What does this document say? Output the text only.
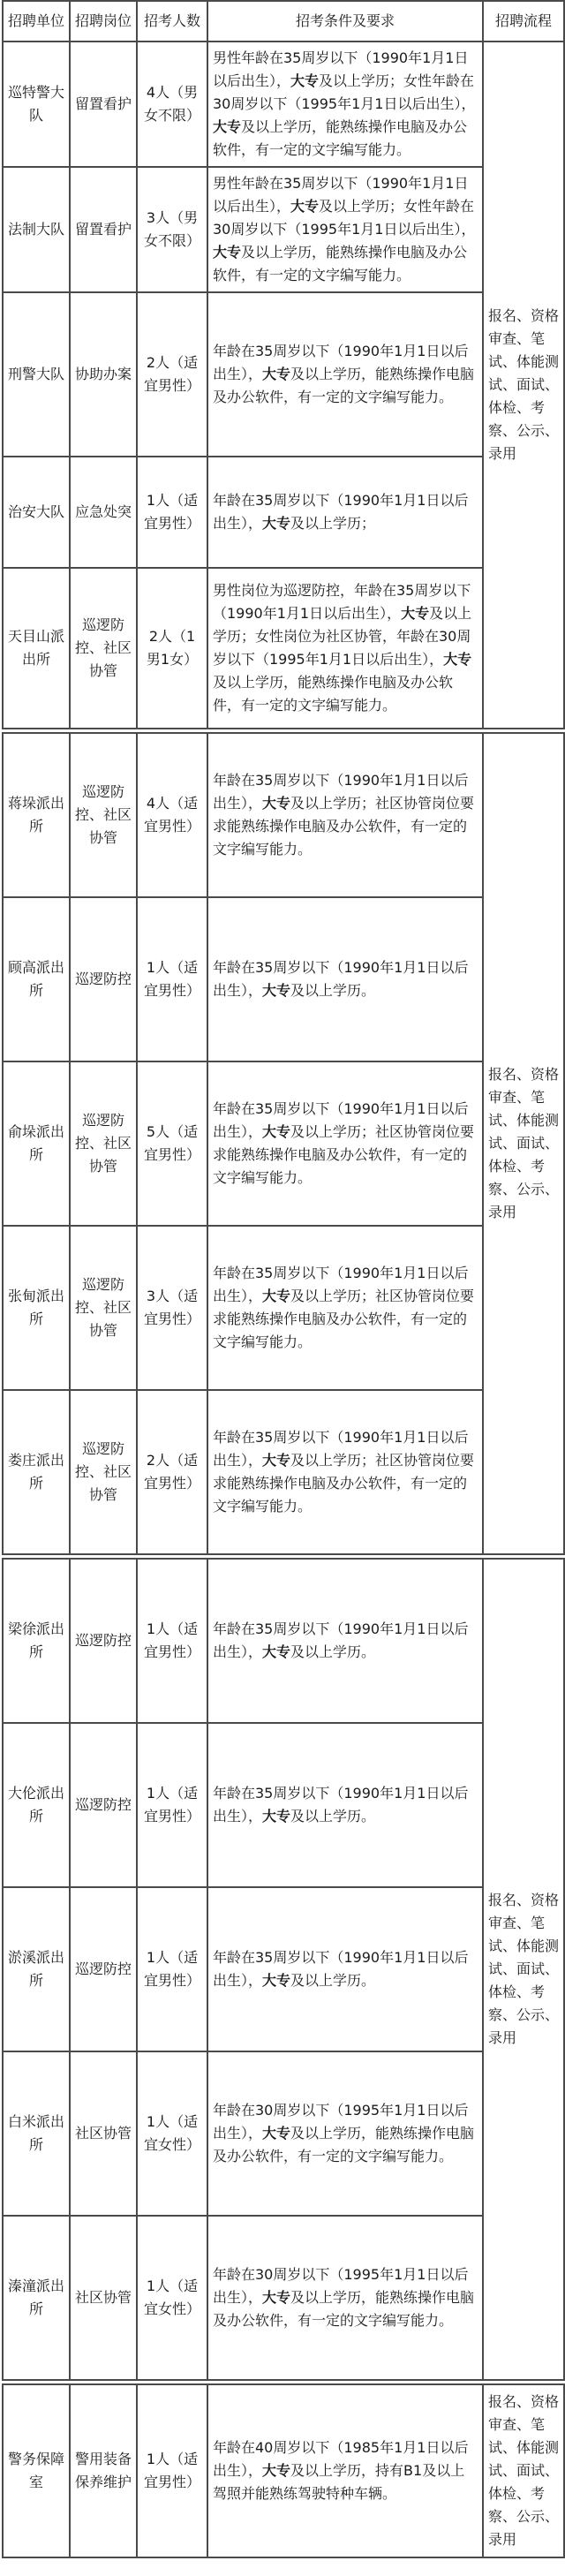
招聘单位	招聘岗位	招考人数	招考条件及要求	招聘流程
巡特警大队	留置看护	4人（男女不限）	男性年龄在35周岁以下（1990年1月1日以后出生），大专及以上学历；女性年龄在30周岁以下（1995年1月1日以后出生），大专及以上学历，能熟练操作电脑及办公软件，有一定的文字编写能力。	报名、资格审查、笔试、体能测试、面试、体检、考察、公示、录用
法制大队	留置看护	3人（男女不限）	男性年龄在35周岁以下（1990年1月1日以后出生），大专及以上学历；女性年龄在30周岁以下（1995年1月1日以后出生），大专及以上学历，能熟练操作电脑及办公软件，有一定的文字编写能力。	
刑警大队	协助办案	2人（适宜男性）	年龄在35周岁以下（1990年1月1日以后出生），大专及以上学历，能熟练操作电脑及办公软件，有一定的文字编写能力。	
治安大队	应急处突	1人（适宜男性）	年龄在35周岁以下（1990年1月1日以后出生），大专及以上学历；	
天目山派出所	巡逻防控、社区协管	2人（1男1女）	男性岗位为巡逻防控，年龄在35周岁以下（1990年1月1日以后出生），大专及以上学历；女性岗位为社区协管，年龄在30周岁以下（1995年1月1日以后出生），大专及以上学历，能熟练操作电脑及办公软件，有一定的文字编写能力。	

蒋垛派出所	巡逻防控、社区协管	4人（适宜男性）	年龄在35周岁以下（1990年1月1日以后出生），大专及以上学历；社区协管岗位要求能熟练操作电脑及办公软件，有一定的文字编写能力。	报名、资格审查、笔试、体能测试、面试、体检、考察、公示、录用
顾高派出所	巡逻防控	1人（适宜男性）	年龄在35周岁以下（1990年1月1日以后出生），大专及以上学历。	
俞垛派出所	巡逻防控、社区协管	5人（适宜男性）	年龄在35周岁以下（1990年1月1日以后出生），大专及以上学历；社区协管岗位要求能熟练操作电脑及办公软件，有一定的文字编写能力。	
张甸派出所	巡逻防控、社区协管	3人（适宜男性）	年龄在35周岁以下（1990年1月1日以后出生），大专及以上学历；社区协管岗位要求能熟练操作电脑及办公软件，有一定的文字编写能力。	
娄庄派出所	巡逻防控、社区协管	2人（适宜男性）	年龄在35周岁以下（1990年1月1日以后出生），大专及以上学历；社区协管岗位要求能熟练操作电脑及办公软件，有一定的文字编写能力。	

梁徐派出所	巡逻防控	1人（适宜男性）	年龄在35周岁以下（1990年1月1日以后出生），大专及以上学历。	报名、资格审查、笔试、体能测试、面试、体检、考察、公示、录用
大伦派出所	巡逻防控	1人（适宜男性）	年龄在35周岁以下（1990年1月1日以后出生），大专及以上学历。	
淤溪派出所	巡逻防控	1人（适宜男性）	年龄在35周岁以下（1990年1月1日以后出生），大专及以上学历。	
白米派出所	社区协管	1人（适宜女性）	年龄在30周岁以下（1995年1月1日以后出生），大专及以上学历，能熟练操作电脑及办公软件，有一定的文字编写能力。	
溱潼派出所	社区协管	1人（适宜女性）	年龄在30周岁以下（1995年1月1日以后出生），大专及以上学历，能熟练操作电脑及办公软件，有一定的文字编写能力。	

警务保障室	警用装备保养维护	1人（适宜男性）	年龄在40周岁以下（1985年1月1日以后出生），大专及以上学历，持有B1及以上驾照并能熟练驾驶特种车辆。	报名、资格审查、笔试、体能测试、面试、体检、考察、公示、录用
